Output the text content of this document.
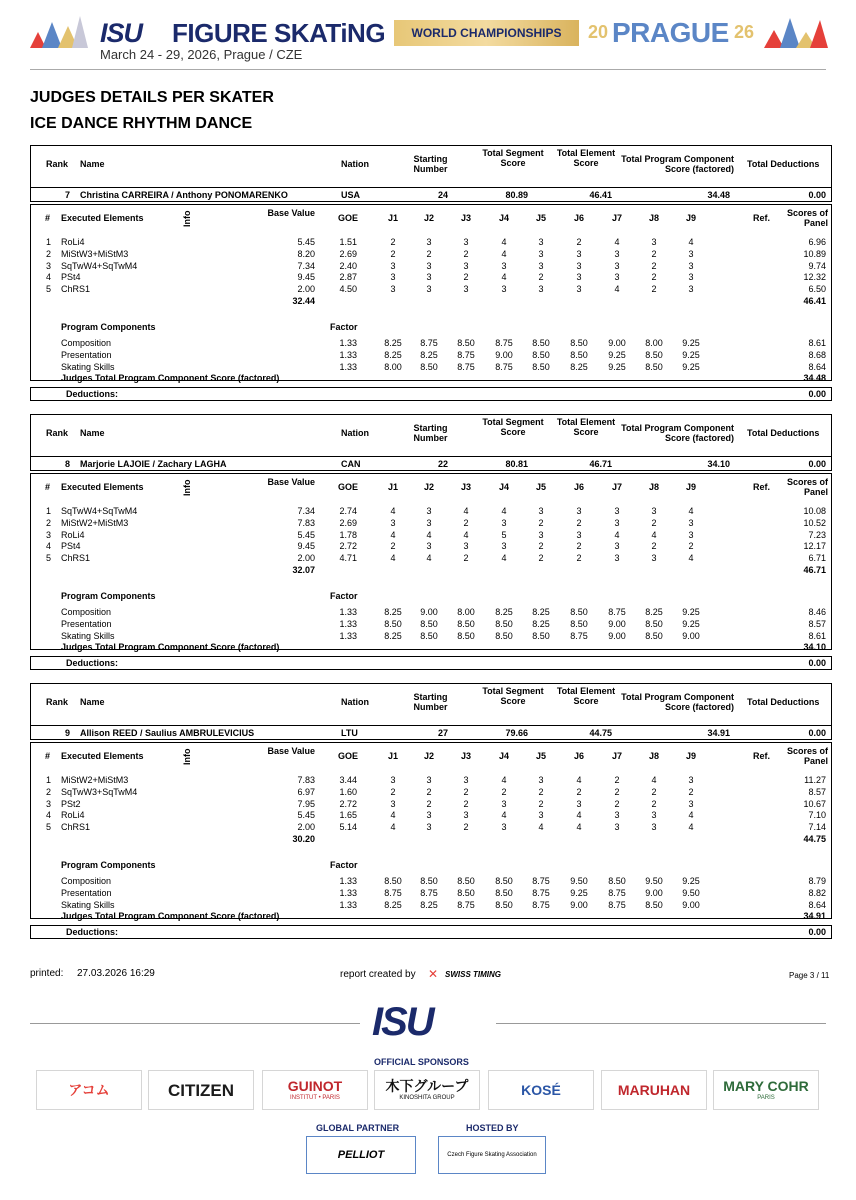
ISU FIGURE SKATiNG
March 24 - 29, 2026, Prague / CZE
WORLD CHAMPIONSHIPS	20 PRAGUE 26
JUDGES DETAILS PER SKATER
ICE DANCE RHYTHM DANCE
Rank Name	Nation	Starting Number
Total Segment Score
Total Element Score	Total Program Component Score (factored) Total Deductions
7 Christina CARREIRA / Anthony PONOMARENKO	USA	24	80.89	46.41	34.48	0.00
# Executed Elements	Info	Base Value	GOE	J1	J2	J3	J4	J5	J6	J7	J8	J9	Ref.	Scores of Panel
1 RoLi4	5.45	1.51	2	3	3	4	3	2	4	3	4	6.96
2 MiStW3+MiStM3	8.20	2.69	2	2	2	4	3	3	3	2	3	10.89
3 SqTwW4+SqTwM4	7.34	2.40	3	3	3	3	3	3	3	2	3	9.74
4 PSt4	9.45	2.87	3	3	2	4	2	3	3	2	3	12.32
5 ChRS1	2.00	4.50	3	3	3	3	3	3	4	2	3	6.50
32.44	46.41
Program Components	Factor
Composition	1.33	8.25	8.75	8.50	8.75	8.50	8.50	9.00	8.00	9.25	8.61
Presentation	1.33	8.25	8.25	8.75	9.00	8.50	8.50	9.25	8.50	9.25	8.68
Skating Skills	1.33	8.00	8.50	8.75	8.75	8.50	8.25	9.25	8.50	9.25	8.64
Judges Total Program Component Score (factored)	34.48
Deductions:	0.00
Rank Name	Nation	Starting Number
Total Segment Score
Total Element Score	Total Program Component Score (factored) Total Deductions
8 Marjorie LAJOIE / Zachary LAGHA	CAN	22	80.81	46.71	34.10	0.00
# Executed Elements	Info	Base Value	GOE	J1	J2	J3	J4	J5	J6	J7	J8	J9	Ref.	Scores of Panel
1 SqTwW4+SqTwM4	7.34	2.74	4	3	4	4	3	3	3	3	4	10.08
2 MiStW2+MiStM3	7.83	2.69	3	3	2	3	2	2	3	2	3	10.52
3 RoLi4	5.45	1.78	4	4	4	5	3	3	4	4	3	7.23
4 PSt4	9.45	2.72	2	3	3	3	2	2	3	2	2	12.17
5 ChRS1	2.00	4.71	4	4	2	4	2	2	3	3	4	6.71
32.07	46.71
Program Components	Factor
Composition	1.33	8.25	9.00	8.00	8.25	8.25	8.50	8.75	8.25	9.25	8.46
Presentation	1.33	8.50	8.50	8.50	8.50	8.25	8.50	9.00	8.50	9.25	8.57
Skating Skills	1.33	8.25	8.50	8.50	8.50	8.50	8.75	9.00	8.50	9.00	8.61
Judges Total Program Component Score (factored)	34.10
Deductions:	0.00
Rank Name	Nation	Starting Number
Total Segment Score
Total Element Score	Total Program Component Score (factored) Total Deductions
9 Allison REED / Saulius AMBRULEVICIUS	LTU	27	79.66	44.75	34.91	0.00
# Executed Elements	Info	Base Value	GOE	J1	J2	J3	J4	J5	J6	J7	J8	J9	Ref.	Scores of Panel
1 MiStW2+MiStM3	7.83	3.44	3	3	3	4	3	4	2	4	3	11.27
2 SqTwW3+SqTwM4	6.97	1.60	2	2	2	2	2	2	2	2	2	8.57
3 PSt2	7.95	2.72	3	2	2	3	2	3	2	2	3	10.67
4 RoLi4	5.45	1.65	4	3	3	4	3	4	3	3	4	7.10
5 ChRS1	2.00	5.14	4	3	2	3	4	4	3	3	4	7.14
30.20	44.75
Program Components	Factor
Composition	1.33	8.50	8.50	8.50	8.50	8.75	9.50	8.50	9.50	9.25	8.79
Presentation	1.33	8.75	8.75	8.50	8.50	8.75	9.25	8.75	9.00	9.50	8.82
Skating Skills	1.33	8.25	8.25	8.75	8.50	8.75	9.00	8.75	8.50	9.00	8.64
Judges Total Program Component Score (factored)	34.91
Deductions:	0.00
printed: 27.03.2026 16:29	report created by ✕ SWISS TIMING	Page 3 / 11
ISU
OFFICIAL SPONSORS
アコム	CITIZEN	GUINOT
INSTITUT • PARIS
木下グループ
KINOSHITA GROUP	KOSÉ	MARUHAN MARY COHR
PARIS
GLOBAL PARTNER
PELLIOT
HOSTED BY
Czech Figure Skating Association
